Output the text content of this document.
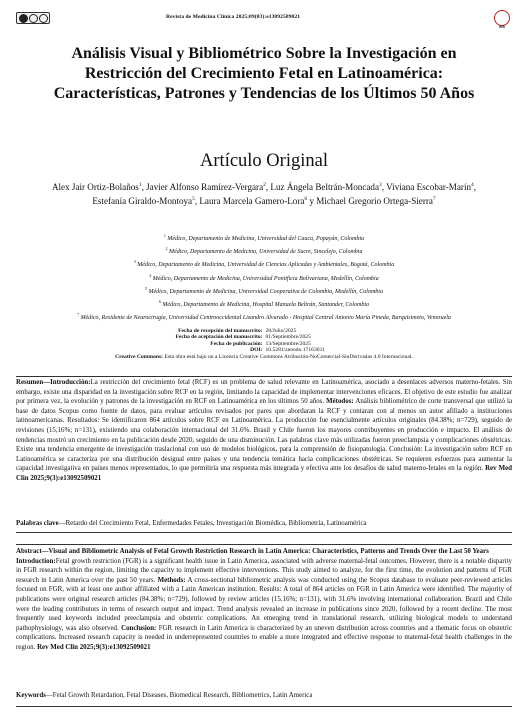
Revista de Medicina Clínica 2025;09(03):e13092509021
INS
Análisis Visual y Bibliométrico Sobre la Investigación en Restricción del Crecimiento Fetal en Latinoamérica: Características, Patrones y Tendencias de los Últimos 50 Años
Artículo Original
Alex Jair Ortiz-Bolaños$^1$, Javier Alfonso Ramírez-Vergara$^2$, Luz Ángela Beltrán-Moncada$^3$, Viviana Escobar-Marín$^4$, Estefanía Giraldo-Montoya$^5$, Laura Marcela Gamero-Lora$^6$ y Michael Gregorio Ortega-Sierra$^7$
$^1$ Médico, Departamento de Medicina, Universidad del Cauca, Popayán, Colombia
$^2$ Médico, Departamento de Medicina, Universidad de Sucre, Sincelejo, Colombia
$^3$ Médico, Departamento de Medicina, Universidad de Ciencias Aplicadas y Ambientales, Bogotá, Colombia
$^4$ Médico, Departamento de Medicina, Universidad Pontificia Bolivariana, Medellín, Colombia
$^5$ Médico, Departamento de Medicina, Universidad Cooperativa de Colombia, Medellín, Colombia
$^6$ Médico, Departamento de Medicina, Hospital Manuela Beltrán, Santander, Colombia
$^7$ Médico, Residente de Neurocirugía, Universidad Centrooccidental Lisandro Alvarado - Hospital Central Antonio María Pineda, Barquisimeto, Venezuela
Fecha de recepción del manuscrito: 28/Julio/2025
Fecha de aceptación del manuscrito: 01/Septiembre/2025
Fecha de publicación: 13/Septiembre/2025
DOI: 10.5281/zenodo.17163011
Creative Commons: Esta obra está bajo un a Licencia Creative Commons Atribución-NoComercial-SinDerivadas 4.0 Internacional.

Resumen—Introducción:La restricción del crecimiento fetal (RCF) es un problema de salud relevante en Latinoamérica, asociado a desenlaces adversos materno-fetales. Sin embargo, existe una disparidad en la investigación sobre RCF en la región, limitando la capacidad de implementar intervenciones eficaces. El objetivo de este estudio fue analizar por primera vez, la evolución y patrones de la investigación en RCF en Latinoamérica en los últimos 50 años. Métodos: Análisis bibliométrico de corte transversal que utilizó la base de datos Scopus como fuente de datos, para evaluar artículos revisados por pares que abordaran la RCF y contaran con al menos un autor afiliado a instituciones latinoamericanas. Resultados: Se identificaron 864 artículos sobre RCF en Latinoamérica. La producción fue esencialmente artículos originales (84.38%; n=729), seguido de revisiones (15,16%; n=131), existiendo una colaboración internacional del 31.6%. Brasil y Chile fueron los mayores contribuyentes en producción e impacto. El análisis de tendencias mostró un crecimiento en la publicación desde 2020, seguido de una disminución. Las palabras clave más utilizadas fueron preeclampsia y complicaciones obstétricas. Existe una tendencia emergente de investigación traslacional con uso de modelos biológicos, para la comprensión de fisiopatología. Conclusión: La investigación sobre RCF en Latinoamérica se caracteriza por una distribución desigual entre países y una tendencia temática hacia complicaciones obstétricas. Se requieren esfuerzos para aumentar la capacidad investigativa en países menos representados, lo que permitiría una respuesta más integrada y efectiva ante los desafíos de salud materno-fetales en la región. Rev Med Clin 2025;9(3):e13092509021

Palabras clave—Retardo del Crecimiento Fetal, Enfermedades Fetales, Investigación Biomédica, Bibliometría, Latinoamérica

Abstract—Visual and Bibliometric Analysis of Fetal Growth Restriction Research in Latin America: Characteristics, Patterns and Trends Over the Last 50 Years

Introduction:Fetal growth restriction (FGR) is a significant health issue in Latin America, associated with adverse maternal-fetal outcomes. However, there is a notable disparity in FGR research within the region, limiting the capacity to implement effective interventions. This study aimed to analyze, for the first time, the evolution and patterns of FGR research in Latin America over the past 50 years. Methods: A cross-sectional bibliometric analysis was conducted using the Scopus database to evaluate peer-reviewed articles focused on FGR, with at least one author affiliated with a Latin American institution. Results: A total of 864 articles on FGR in Latin America were identified. The majority of publications were original research articles (84.38%; n=729), followed by review articles (15.16%; n=131), with 31.6% involving international collaboration. Brazil and Chile were the leading contributors in terms of research output and impact. Trend analysis revealed an increase in publications since 2020, followed by a recent decline. The most frequently used keywords included preeclampsia and obstetric complications. An emerging trend in translational research, utilizing biological models to understand pathophysiology, was also observed. Conclusion: FGR research in Latin America is characterized by an uneven distribution across countries and a thematic focus on obstetric complications. Increased research capacity is needed in underrepresented countries to enable a more integrated and effective response to maternal-fetal health challenges in the region. Rev Med Clin 2025;9(3):e13092509021

Keywords—Fetal Growth Retardation, Fetal Diseases, Biomedical Research, Bibliometrics, Latin America
